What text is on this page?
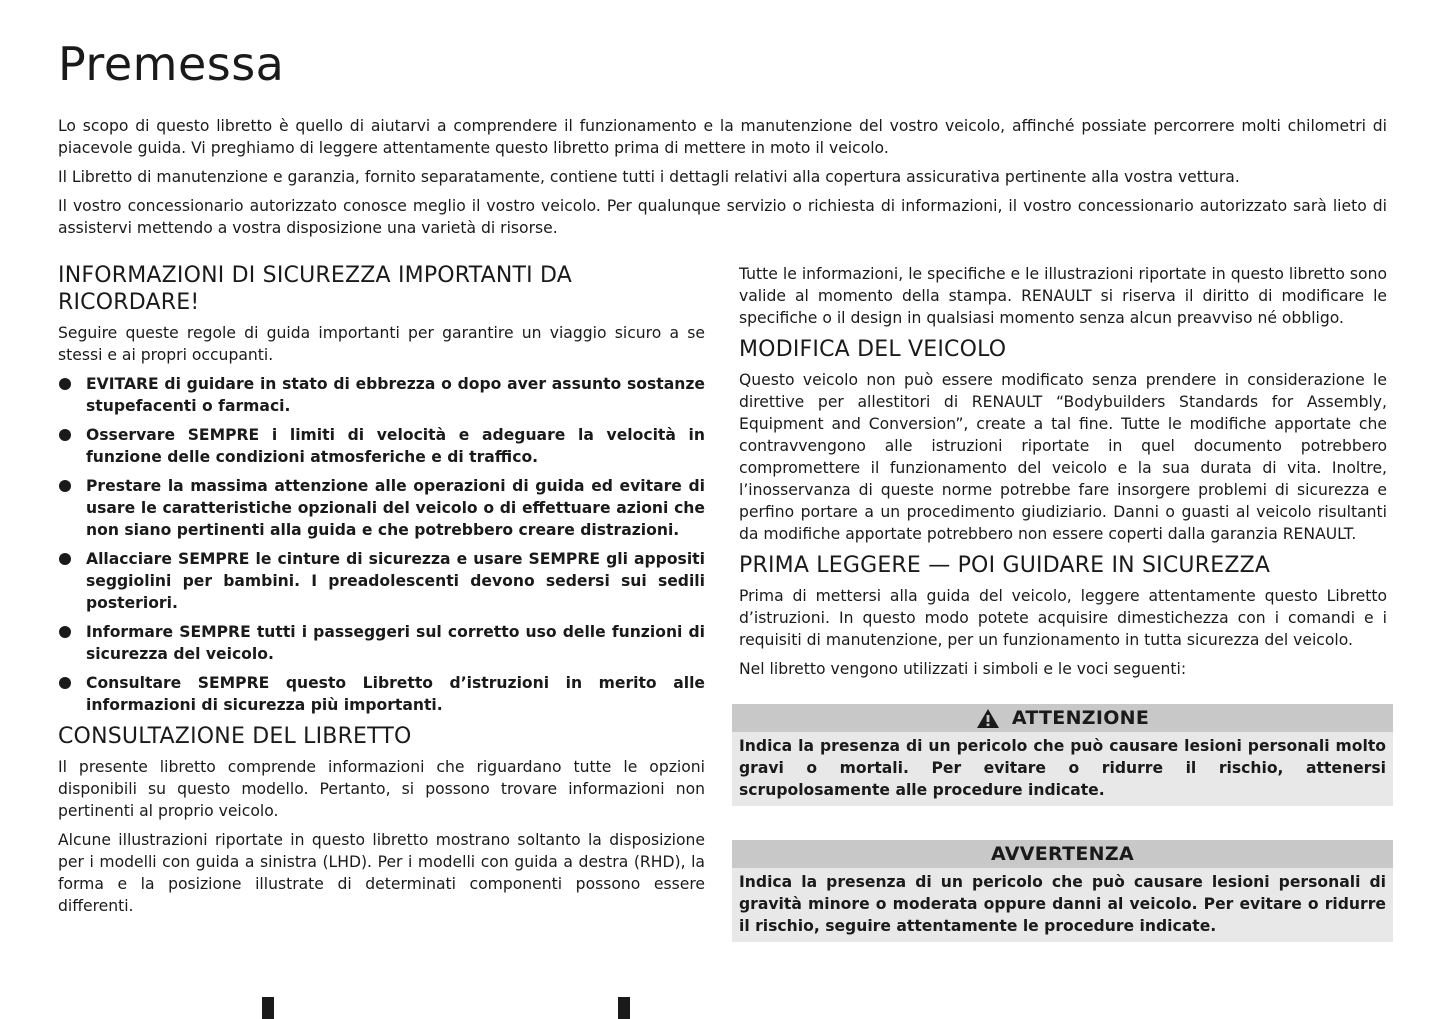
Premessa

Lo scopo di questo libretto è quello di aiutarvi a comprendere il funzionamento e la manutenzione del vostro veicolo, affinché possiate percorrere molti chilometri di piacevole guida. Vi preghiamo di leggere attentamente questo libretto prima di mettere in moto il veicolo.

Il Libretto di manutenzione e garanzia, fornito separatamente, contiene tutti i dettagli relativi alla copertura assicurativa pertinente alla vostra vettura.

Il vostro concessionario autorizzato conosce meglio il vostro veicolo. Per qualunque servizio o richiesta di informazioni, il vostro concessionario autorizzato sarà lieto di assistervi mettendo a vostra disposizione una varietà di risorse.

INFORMAZIONI DI SICUREZZA IMPORTANTI DA RICORDARE!

Seguire queste regole di guida importanti per garantire un viaggio sicuro a se stessi e ai propri occupanti.

EVITARE di guidare in stato di ebbrezza o dopo aver assunto sostanze stupefacenti o farmaci.
Osservare SEMPRE i limiti di velocità e adeguare la velocità in funzione delle condizioni atmosferiche e di traffico.
Prestare la massima attenzione alle operazioni di guida ed evitare di usare le caratteristiche opzionali del veicolo o di effettuare azioni che non siano pertinenti alla guida e che potrebbero creare distrazioni.
Allacciare SEMPRE le cinture di sicurezza e usare SEMPRE gli appositi seggiolini per bambini. I preadolescenti devono sedersi sui sedili posteriori.
Informare SEMPRE tutti i passeggeri sul corretto uso delle funzioni di sicurezza del veicolo.
Consultare SEMPRE questo Libretto d’istruzioni in merito alle informazioni di sicurezza più importanti.
CONSULTAZIONE DEL LIBRETTO

Il presente libretto comprende informazioni che riguardano tutte le opzioni disponibili su questo modello. Pertanto, si possono trovare informazioni non pertinenti al proprio veicolo.

Alcune illustrazioni riportate in questo libretto mostrano soltanto la disposizione per i modelli con guida a sinistra (LHD). Per i modelli con guida a destra (RHD), la forma e la posizione illustrate di determinati componenti possono essere differenti.

Tutte le informazioni, le specifiche e le illustrazioni riportate in questo libretto sono valide al momento della stampa. RENAULT si riserva il diritto di modificare le specifiche o il design in qualsiasi momento senza alcun preavviso né obbligo.

MODIFICA DEL VEICOLO

Questo veicolo non può essere modificato senza prendere in considerazione le direttive per allestitori di RENAULT “Bodybuilders Standards for Assembly, Equipment and Conversion”, create a tal fine. Tutte le modifiche apportate che contravvengono alle istruzioni riportate in quel documento potrebbero compromettere il funzionamento del veicolo e la sua durata di vita. Inoltre, l’inosservanza di queste norme potrebbe fare insorgere problemi di sicurezza e perfino portare a un procedimento giudiziario. Danni o guasti al veicolo risultanti da modifiche apportate potrebbero non essere coperti dalla garanzia RENAULT.

PRIMA LEGGERE — POI GUIDARE IN SICUREZZA

Prima di mettersi alla guida del veicolo, leggere attentamente questo Libretto d’istruzioni. In questo modo potete acquisire dimestichezza con i comandi e i requisiti di manutenzione, per un funzionamento in tutta sicurezza del veicolo.

Nel libretto vengono utilizzati i simboli e le voci seguenti:

ATTENZIONE
Indica la presenza di un pericolo che può causare lesioni personali molto gravi o mortali. Per evitare o ridurre il rischio, attenersi scrupolosamente alle procedure indicate.
AVVERTENZA
Indica la presenza di un pericolo che può causare lesioni personali di gravità minore o moderata oppure danni al veicolo. Per evitare o ridurre il rischio, seguire attentamente le procedure indicate.
